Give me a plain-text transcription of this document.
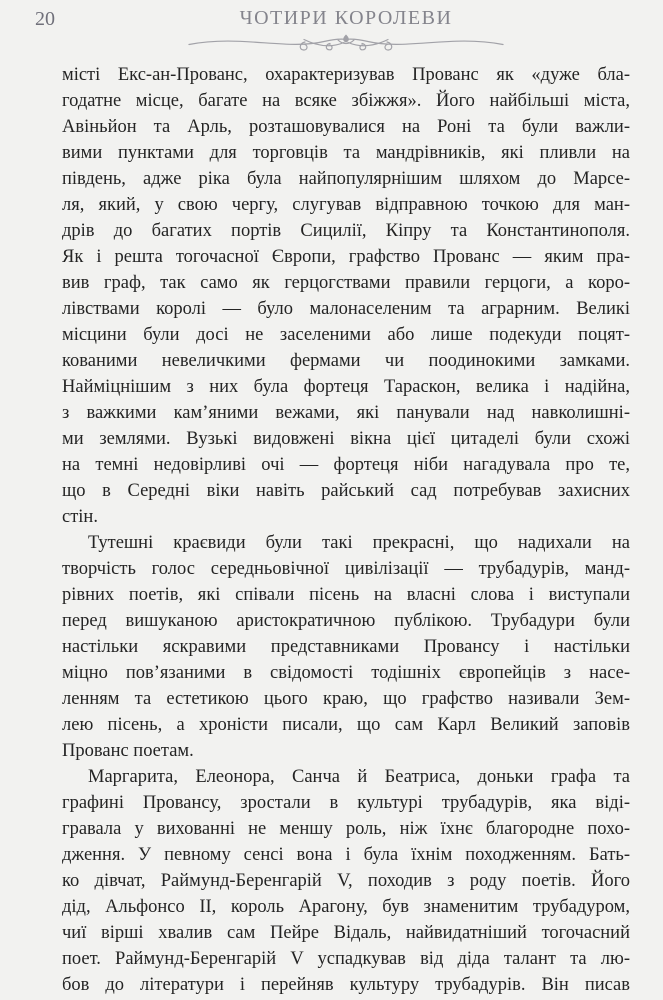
20	ЧОТИРИ КОРОЛЕВИ
місті Екс-ан-Прованс, охарактеризував Прованс як «дуже бла-
годатне місце, багате на всяке збіжжя». Його найбільші міста,
Авіньйон та Арль, розташовувалися на Роні та були важли-
вими пунктами для торговців та мандрівників, які пливли на
південь, адже ріка була найпопулярнішим шляхом до Марсе-
ля, який, у свою чергу, слугував відправною точкою для ман-
дрів до багатих портів Сицилії, Кіпру та Константинополя.
Як і решта тогочасної Європи, графство Прованс — яким пра-
вив граф, так само як герцогствами правили герцоги, а коро-
лівствами королі — було малонаселеним та аграрним. Великі
місцини були досі не заселеними або лише подекуди поцят-
кованими невеличкими фермами чи поодинокими замками.
Найміцнішим з них була фортеця Тараскон, велика і надійна,
з важкими кам’яними вежами, які панували над навколишні-
ми землями. Вузькі видовжені вікна цієї цитаделі були схожі
на темні недовірливі очі — фортеця ніби нагадувала про те,
що в Середні віки навіть райський сад потребував захисних
стін.
Тутешні краєвиди були такі прекрасні, що надихали на
творчість голос середньовічної цивілізації — трубадурів, манд-
рівних поетів, які співали пісень на власні слова і виступали
перед вишуканою аристократичною публікою. Трубадури були
настільки яскравими представниками Провансу і настільки
міцно пов’язаними в свідомості тодішніх європейців з насе-
ленням та естетикою цього краю, що графство називали Зем-
лею пісень, а хроністи писали, що сам Карл Великий заповів
Прованс поетам.
Маргарита, Елеонора, Санча й Беатриса, доньки графа та
графині Провансу, зростали в культурі трубадурів, яка віді-
гравала у вихованні не меншу роль, ніж їхнє благородне похо-
дження. У певному сенсі вона і була їхнім походженням. Бать-
ко дівчат, Раймунд-Беренгарій V, походив з роду поетів. Його
дід, Альфонсо II, король Арагону, був знаменитим трубадуром,
чиї вірші хвалив сам Пейре Відаль, найвидатніший тогочасний
поет. Раймунд-Беренгарій V успадкував від діда талант та лю-
бов до літератури і перейняв культуру трубадурів. Він писав
